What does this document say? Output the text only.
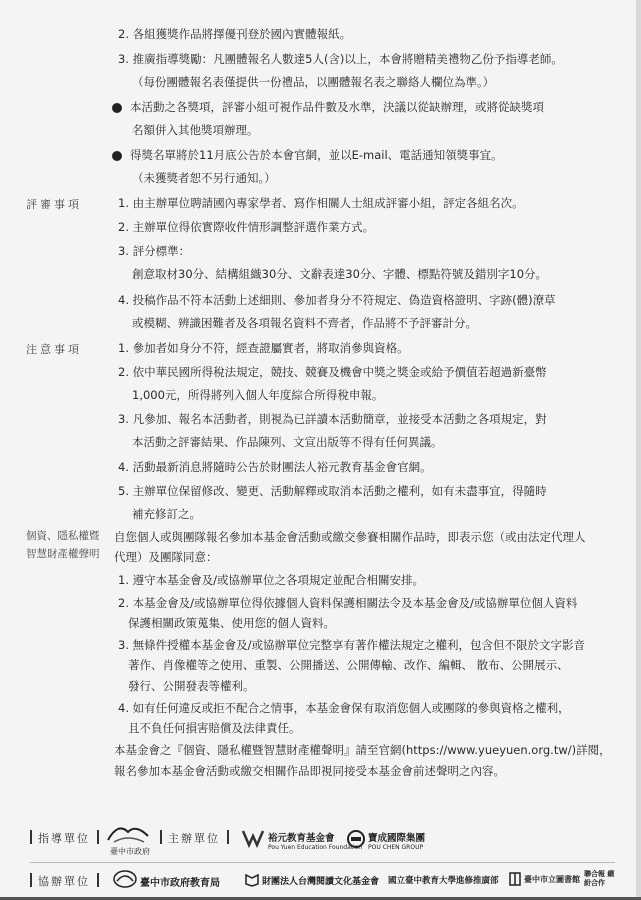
2. 各組獲獎作品將擇優刊登於國內實體報紙。
3. 推廣指導獎勵：凡團體報名人數達5人(含)以上，本會將贈精美禮物乙份予指導老師。
（每份團體報名表僅提供一份禮品，以團體報名表之聯絡人欄位為準。）
本活動之各獎項，評審小組可視作品件數及水準，決議以從缺辦理，或將從缺獎項
名額併入其他獎項辦理。
得獎名單將於11月底公告於本會官網，並以E-mail、電話通知領獎事宜。
（未獲獎者恕不另行通知。）
評審事項	1. 由主辦單位聘請國內專家學者、寫作相關人士組成評審小組，評定各組名次。
2. 主辦單位得依實際收件情形調整評選作業方式。
3. 評分標準：
創意取材30分、結構組織30分、文辭表達30分、字體、標點符號及錯別字10分。
4. 投稿作品不符本活動上述細則、參加者身分不符規定、偽造資格證明、字跡(體)潦草
或模糊、辨識困難者及各項報名資料不齊者，作品將不予評審計分。
注意事項	1. 參加者如身分不符，經查證屬實者，將取消參與資格。
2. 依中華民國所得稅法規定，競技、競賽及機會中獎之獎金或給予價值若超過新臺幣
1,000元，所得將列入個人年度綜合所得稅申報。
3. 凡參加、報名本活動者，則視為已詳讀本活動簡章，並接受本活動之各項規定，對
本活動之評審結果、作品陳列、文宣出版等不得有任何異議。
4. 活動最新消息將隨時公告於財團法人裕元教育基金會官網。
5. 主辦單位保留修改、變更、活動解釋或取消本活動之權利，如有未盡事宜，得隨時
補充修訂之。
個資、隱私權暨
智慧財產權聲明
自您個人或與團隊報名參加本基金會活動或繳交參賽相關作品時，即表示您（或由法定代理人
代理）及團隊同意：
1. 遵守本基金會及/或協辦單位之各項規定並配合相關安排。
2. 本基金會及/或協辦單位得依據個人資料保護相關法令及本基金會及/或協辦單位個人資料
保護相關政策蒐集、使用您的個人資料。
3. 無條件授權本基金會及/或協辦單位完整享有著作權法規定之權利，包含但不限於文字影音
著作、肖像權等之使用、重製、公開播送、公開傳輸、改作、編輯、 散布、公開展示、
發行、公開發表等權利。
4. 如有任何違反或拒不配合之情事，本基金會保有取消您個人或團隊的參與資格之權利，
且不負任何損害賠償及法律責任。
本基金會之『個資、隱私權暨智慧財產權聲明』請至官網(https://www.yueyuen.org.tw/)詳閱，
報名參加本基金會活動或繳交相關作品即視同接受本基金會前述聲明之內容。
指導單位
臺中市政府
主辦單位	裕元教育基金會
Pou Yuen Education Foundation
寶成國際集團
POU CHEN GROUP
協辦單位	臺中市政府教育局	財團法人台灣閱讀文化基金會 國立臺中教育大學進修推廣部	臺中市立圖書館
聯合報 繽紛合作
